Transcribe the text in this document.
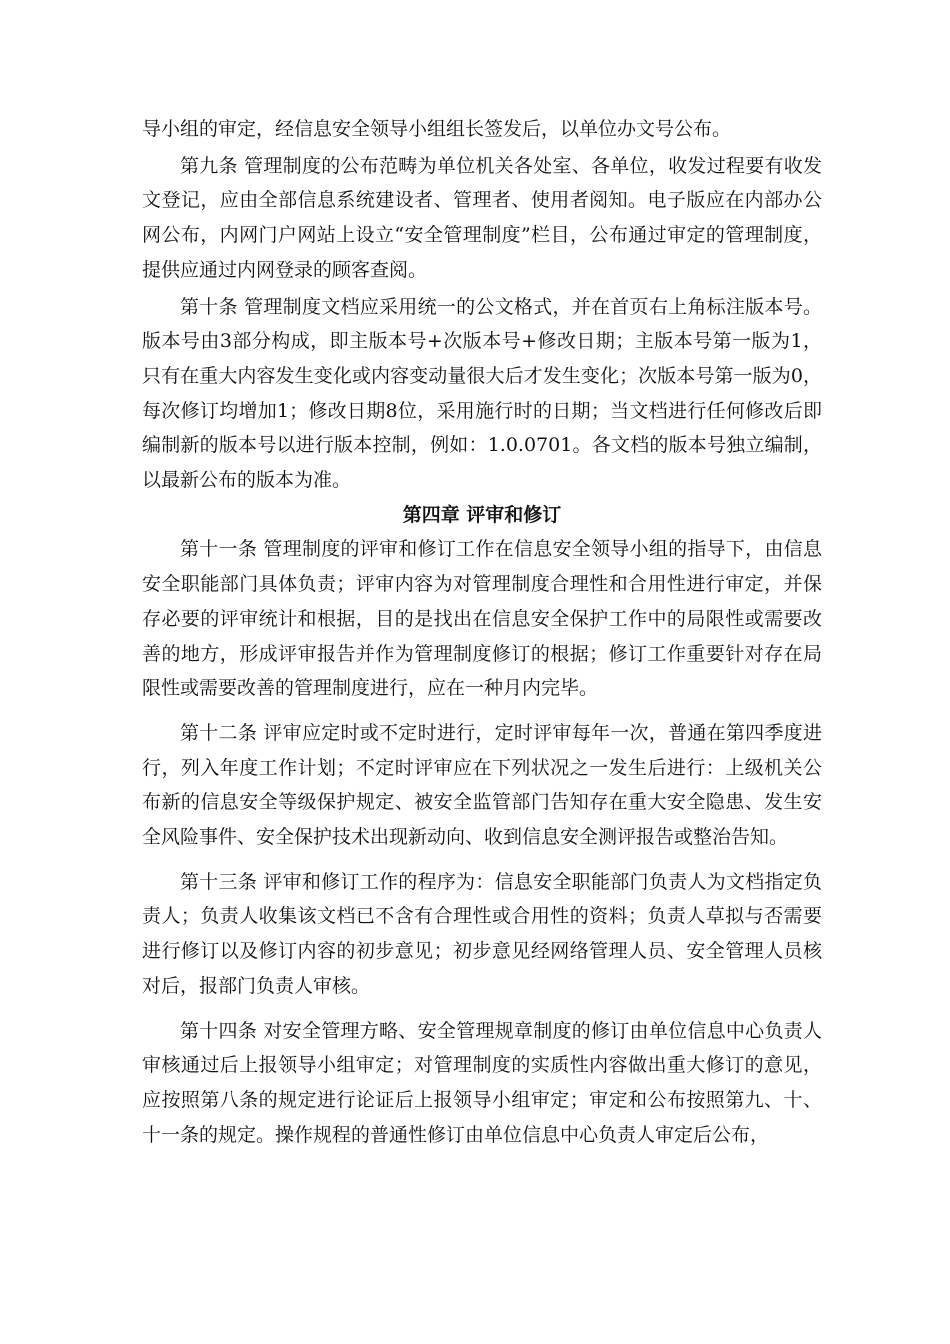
导小组的审定，经信息安全领导小组组长签发后，以单位办文号公布。

第九条 管理制度的公布范畴为单位机关各处室、各单位，收发过程要有收发文登记，应由全部信息系统建设者、管理者、使用者阅知。电子版应在内部办公网公布，内网门户网站上设立“安全管理制度”栏目，公布通过审定的管理制度，提供应通过内网登录的顾客查阅。

第十条 管理制度文档应采用统一的公文格式，并在首页右上角标注版本号。版本号由3部分构成，即主版本号+次版本号+修改日期；主版本号第一版为1，只有在重大内容发生变化或内容变动量很大后才发生变化；次版本号第一版为0，每次修订均增加1；修改日期8位，采用施行时的日期；当文档进行任何修改后即编制新的版本号以进行版本控制，例如：1.0.0701。各文档的版本号独立编制，以最新公布的版本为准。

第四章 评审和修订

第十一条 管理制度的评审和修订工作在信息安全领导小组的指导下，由信息安全职能部门具体负责；评审内容为对管理制度合理性和合用性进行审定，并保存必要的评审统计和根据，目的是找出在信息安全保护工作中的局限性或需要改善的地方，形成评审报告并作为管理制度修订的根据；修订工作重要针对存在局限性或需要改善的管理制度进行，应在一种月内完毕。

第十二条 评审应定时或不定时进行，定时评审每年一次，普通在第四季度进行，列入年度工作计划；不定时评审应在下列状况之一发生后进行：上级机关公布新的信息安全等级保护规定、被安全监管部门告知存在重大安全隐患、发生安全风险事件、安全保护技术出现新动向、收到信息安全测评报告或整治告知。

第十三条 评审和修订工作的程序为：信息安全职能部门负责人为文档指定负责人；负责人收集该文档已不含有合理性或合用性的资料；负责人草拟与否需要进行修订以及修订内容的初步意见；初步意见经网络管理人员、安全管理人员核对后，报部门负责人审核。

第十四条 对安全管理方略、安全管理规章制度的修订由单位信息中心负责人审核通过后上报领导小组审定；对管理制度的实质性内容做出重大修订的意见，应按照第八条的规定进行论证后上报领导小组审定；审定和公布按照第九、十、十一条的规定。操作规程的普通性修订由单位信息中心负责人审定后公布，
